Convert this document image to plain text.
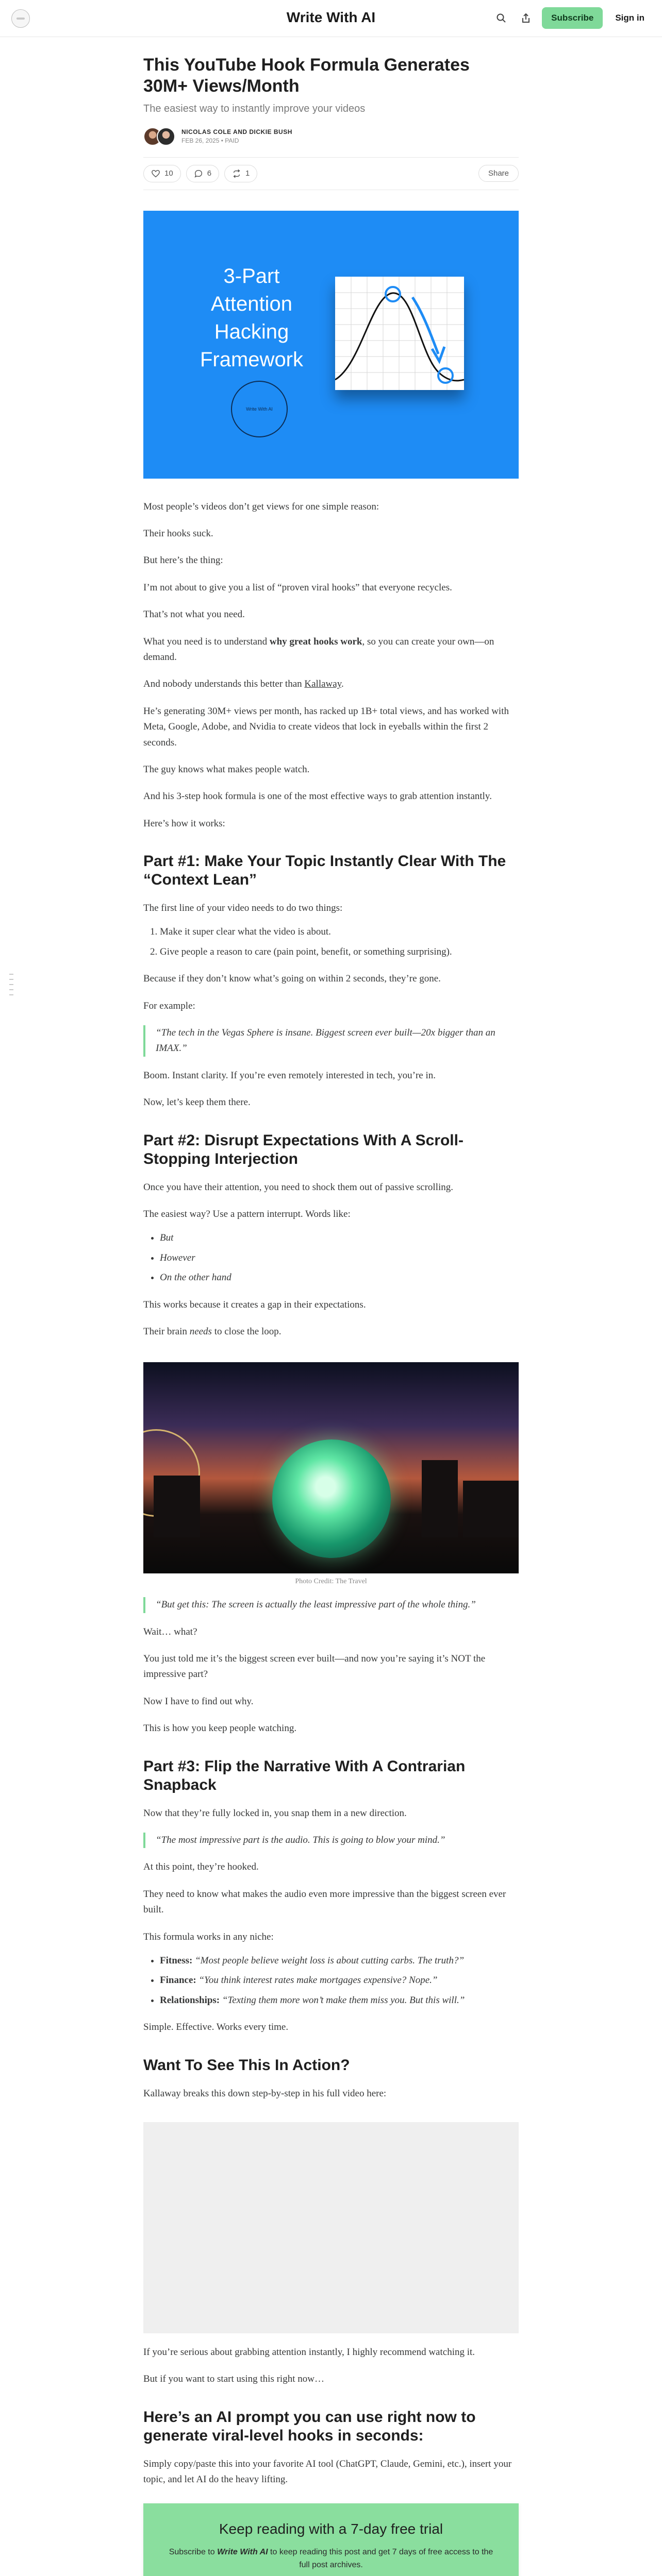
Write With AI	Subscribe	Sign in
This YouTube Hook Formula Generates 30M+ Views/Month
The easiest way to instantly improve your videos
NICOLAS COLE AND DICKIE BUSH
FEB 26, 2025 • PAID
10	6	1	Share
3-Part Attention Hacking Framework
Write With AI

Most people’s videos don’t get views for one simple reason:

Their hooks suck.

But here’s the thing:

I’m not about to give you a list of “proven viral hooks” that everyone recycles.

That’s not what you need.

What you need is to understand why great hooks work, so you can create your own—on demand.

And nobody understands this better than Kallaway.

He’s generating 30M+ views per month, has racked up 1B+ total views, and has worked with Meta, Google, Adobe, and Nvidia to create videos that lock in eyeballs within the first 2 seconds.

The guy knows what makes people watch.

And his 3-step hook formula is one of the most effective ways to grab attention instantly.

Here’s how it works:

Part #1: Make Your Topic Instantly Clear With The “Context Lean”

The first line of your video needs to do two things:

1. Make it super clear what the video is about.
2. Give people a reason to care (pain point, benefit, or something surprising).

Because if they don’t know what’s going on within 2 seconds, they’re gone.

For example:

“The tech in the Vegas Sphere is insane. Biggest screen ever built—20x bigger than an IMAX.”

Boom. Instant clarity. If you’re even remotely interested in tech, you’re in.

Now, let’s keep them there.

Part #2: Disrupt Expectations With A Scroll-Stopping Interjection

Once you have their attention, you need to shock them out of passive scrolling.

The easiest way? Use a pattern interrupt. Words like:

• But
• However
• On the other hand

This works because it creates a gap in their expectations.

Their brain needs to close the loop.

Photo Credit: The Travel

“But get this: The screen is actually the least impressive part of the whole thing.”

Wait… what?

You just told me it’s the biggest screen ever built—and now you’re saying it’s NOT the impressive part?

Now I have to find out why.

This is how you keep people watching.

Part #3: Flip the Narrative With A Contrarian Snapback

Now that they’re fully locked in, you snap them in a new direction.

“The most impressive part is the audio. This is going to blow your mind.”

At this point, they’re hooked.

They need to know what makes the audio even more impressive than the biggest screen ever built.

This formula works in any niche:

• Fitness: “Most people believe weight loss is about cutting carbs. The truth?”
• Finance: “You think interest rates make mortgages expensive? Nope.”
• Relationships: “Texting them more won’t make them miss you. But this will.”

Simple. Effective. Works every time.

Want To See This In Action?

Kallaway breaks this down step-by-step in his full video here:

If you’re serious about grabbing attention instantly, I highly recommend watching it.

But if you want to start using this right now…

Here’s an AI prompt you can use right now to generate viral-level hooks in seconds:

Simply copy/paste this into your favorite AI tool (ChatGPT, Claude, Gemini, etc.), insert your topic, and let AI do the heavy lifting.

Keep reading with a 7-day free trial
Subscribe to Write With AI to keep reading this post and get 7 days of free access to the full post archives.
